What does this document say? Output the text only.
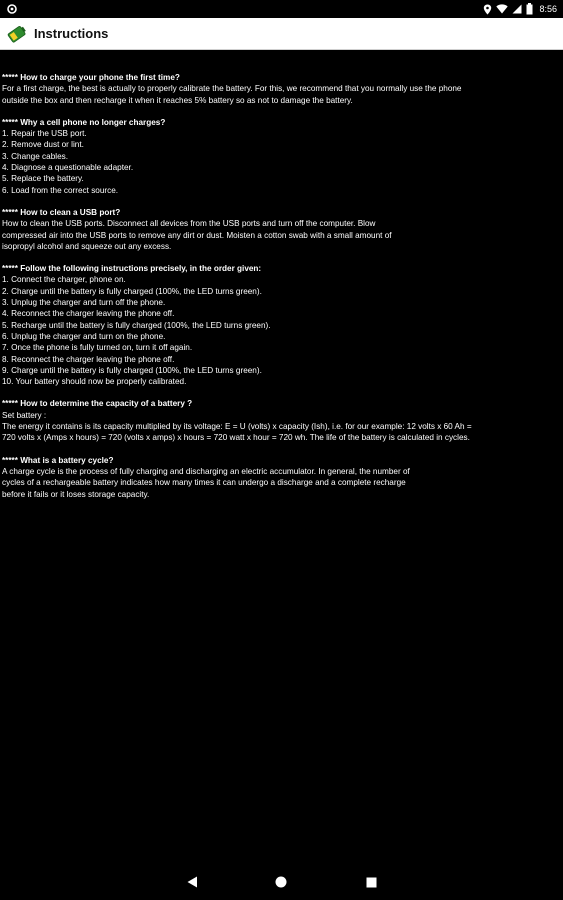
8:56
Instructions
***** How to charge your phone the first time?
For a first charge, the best is actually to properly calibrate the battery. For this, we recommend that you normally use the phone
outside the box and then recharge it when it reaches 5% battery so as not to damage the battery.
***** Why a cell phone no longer charges?
1. Repair the USB port.
2. Remove dust or lint.
3. Change cables.
4. Diagnose a questionable adapter.
5. Replace the battery.
6. Load from the correct source.
***** How to clean a USB port?
How to clean the USB ports. Disconnect all devices from the USB ports and turn off the computer. Blow
compressed air into the USB ports to remove any dirt or dust. Moisten a cotton swab with a small amount of
isopropyl alcohol and squeeze out any excess.
***** Follow the following instructions precisely, in the order given:
1. Connect the charger, phone on.
2. Charge until the battery is fully charged (100%, the LED turns green).
3. Unplug the charger and turn off the phone.
4. Reconnect the charger leaving the phone off.
5. Recharge until the battery is fully charged (100%, the LED turns green).
6. Unplug the charger and turn on the phone.
7. Once the phone is fully turned on, turn it off again.
8. Reconnect the charger leaving the phone off.
9. Charge until the battery is fully charged (100%, the LED turns green).
10. Your battery should now be properly calibrated.
***** How to determine the capacity of a battery ?
Set battery :
The energy it contains is its capacity multiplied by its voltage: E = U (volts) x capacity (Ish), i.e. for our example: 12 volts x 60 Ah =
720 volts x (Amps x hours) = 720 (volts x amps) x hours = 720 watt x hour = 720 wh. The life of the battery is calculated in cycles.
***** What is a battery cycle?
A charge cycle is the process of fully charging and discharging an electric accumulator. In general, the number of
cycles of a rechargeable battery indicates how many times it can undergo a discharge and a complete recharge
before it fails or it loses storage capacity.
